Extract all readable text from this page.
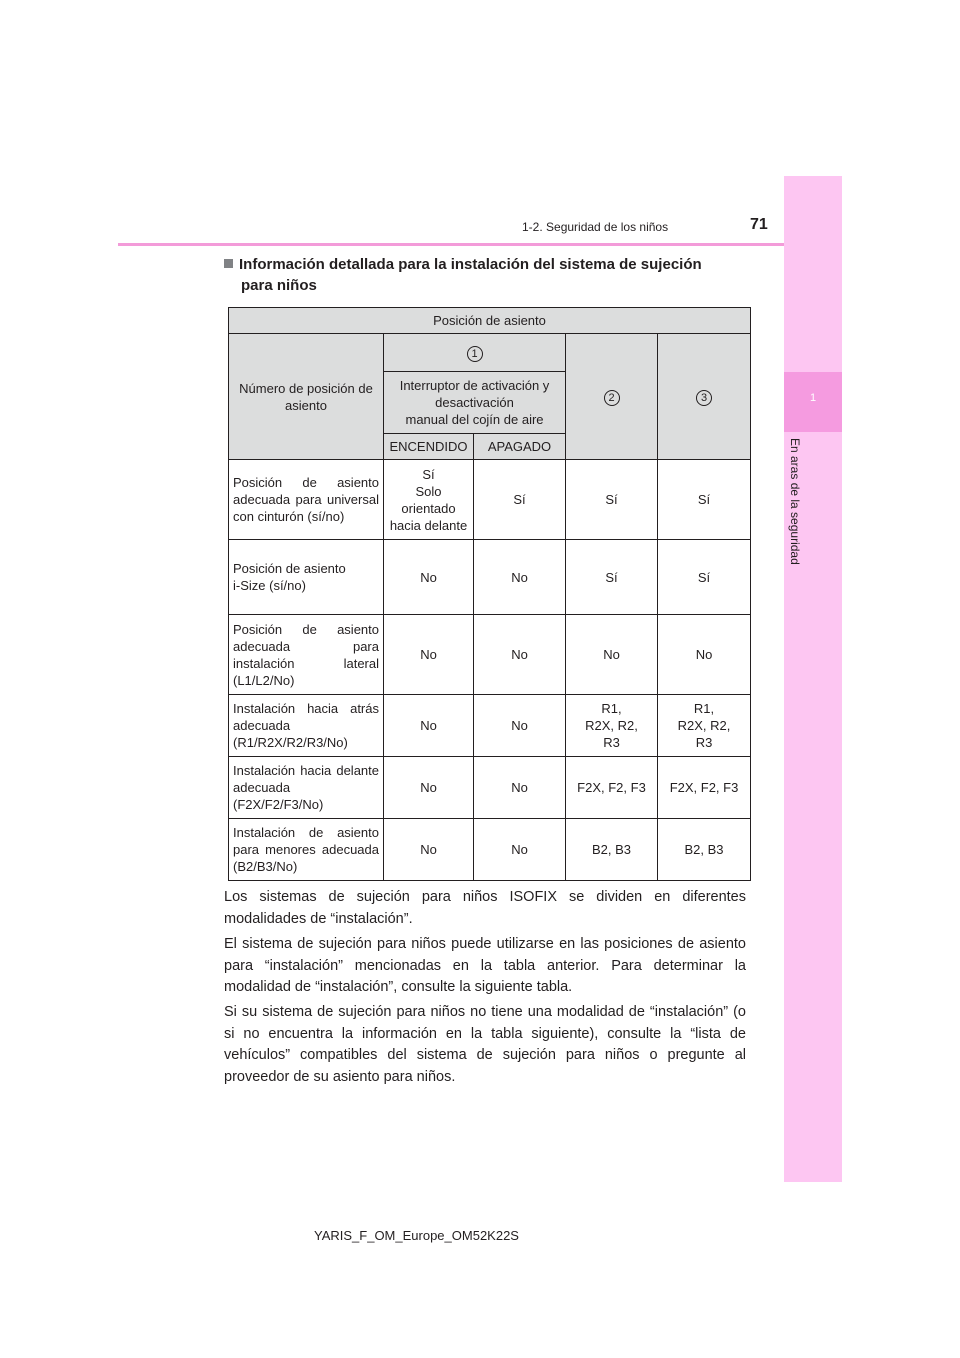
1-2. Seguridad de los niños	71
1
En aras de la seguridad
Información detallada para la instalación del sistema de sujeción
para niños
Posición de asiento				
Número de posición de asiento	1		2	3
	Interruptor de activación y desactivación
manual del cojín de aire			
	ENCENDIDO	APAGADO		
Posición de asiento adecuada para universal con cinturón (sí/no)	Sí
Solo
orientado
hacia delante	Sí	Sí	Sí
Posición de asiento
i-Size (sí/no)	No	No	Sí	Sí
Posición de asiento adecuada para instalación lateral (L1/L2/No)	No	No	No	No
Instalación hacia atrás adecuada (R1/R2X/R2/R3/No)	No	No	R1,
R2X, R2,
R3	R1,
R2X, R2,
R3
Instalación hacia delante adecuada (F2X/F2/F3/No)	No	No	F2X, F2, F3	F2X, F2, F3
Instalación de asiento para menores adecuada (B2/B3/No)	No	No	B2, B3	B2, B3

Los sistemas de sujeción para niños ISOFIX se dividen en diferentes modalidades de “instalación”.

El sistema de sujeción para niños puede utilizarse en las posiciones de asiento para “instalación” mencionadas en la tabla anterior. Para determinar la modalidad de “instalación”, consulte la siguiente tabla.

Si su sistema de sujeción para niños no tiene una modalidad de “instalación” (o si no encuentra la información en la tabla siguiente), consulte la “lista de vehículos” compatibles del sistema de sujeción para niños o pregunte al proveedor de su asiento para niños.

YARIS_F_OM_Europe_OM52K22S
